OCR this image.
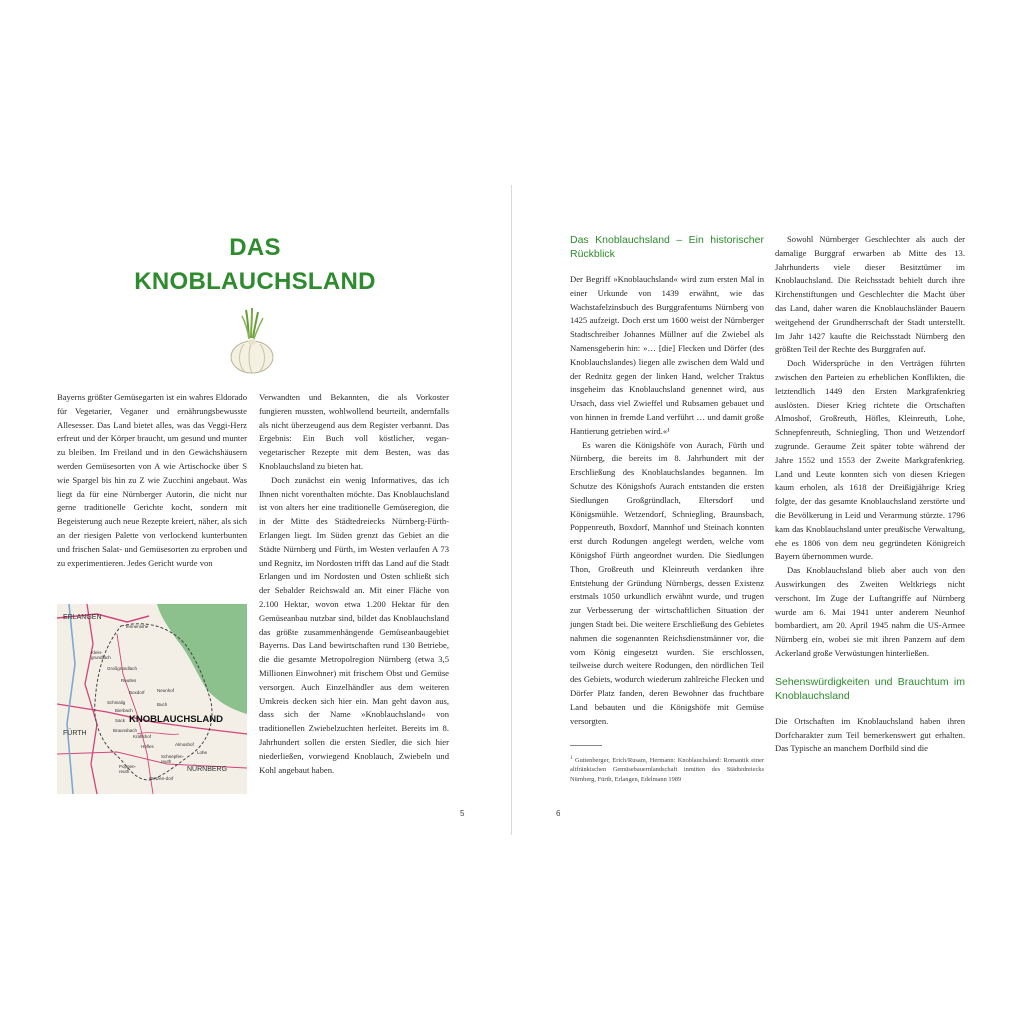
DAS
KNOBLAUCHSLAND

Bayerns größter Gemüsegarten ist ein wahres Eldorado für Vegetarier, Veganer und ernährungsbewusste Allesesser. Das Land bietet alles, was das Veggi-Herz erfreut und der Körper braucht, um gesund und munter zu bleiben. Im Freiland und in den Gewächshäusern werden Gemüsesorten von A wie Artischocke über S wie Spargel bis hin zu Z wie Zucchini angebaut. Was liegt da für eine Nürnberger Autorin, die nicht nur gerne traditionelle Gerichte kocht, sondern mit Begeisterung auch neue Rezepte kreiert, näher, als sich an der riesigen Palette von verlockend kunterbunten und frischen Salat- und Gemüsesorten zu erproben und zu experimentieren. Jedes Gericht wurde von

Verwandten und Bekannten, die als Vorkoster fungieren mussten, wohlwollend beurteilt, andernfalls als nicht überzeugend aus dem Register verbannt. Das Ergebnis: Ein Buch voll köstlicher, vegan-vegetarischer Rezepte mit dem Besten, was das Knoblauchsland zu bieten hat.

Doch zunächst ein wenig Informatives, das ich Ihnen nicht vorenthalten möchte. Das Knoblauchsland ist von alters her eine traditionelle Gemüseregion, die in der Mitte des Städtedreiecks Nürnberg-Fürth-Erlangen liegt. Im Süden grenzt das Gebiet an die Städte Nürnberg und Fürth, im Westen verlaufen A 73 und Regnitz, im Nordosten trifft das Land auf die Stadt Erlangen und im Nordosten und Osten schließt sich der Sebalder Reichswald an. Mit einer Fläche von 2.100 Hektar, wovon etwa 1.200 Hektar für den Gemüseanbau nutzbar sind, bildet das Knoblauchsland das größte zusammenhängende Gemüseanbaugebiet Bayerns. Das Land bewirtschaften rund 130 Betriebe, die die gesamte Metropolregion Nürnberg (etwa 3,5 Millionen Einwohner) mit frischem Obst und Gemüse versorgen. Auch Einzelhändler aus dem weiteren Umkreis decken sich hier ein. Man geht davon aus, dass sich der Name »Knoblauchsland« von traditionellen Zwiebelzuchten herleitet. Bereits im 8. Jahrhundert sollen die ersten Siedler, die sich hier niederließen, vorwiegend Knoblauch, Zwiebeln und Kohl angebaut haben.

ERLANGEN
FÜRTH
NÜRNBERG
KNOBLAUCHSLAND
Tennenlohe
Klein-grundlach
Großgründlach
Reutles
Boxdorf	Neunhof
Schnialig
Bierbach
Sack
Braunsbach
Buch
Kraftshof
Höfles	Almoshof
Lohe
Schnepfen-reuth
Poppen-reuth
Wetzen-dorf
5

Das Knoblauchsland – Ein historischer Rückblick

Der Begriff »Knoblauchsland« wird zum ersten Mal in einer Urkunde von 1439 erwähnt, wie das Wachstafelzinsbuch des Burggrafentums Nürnberg von 1425 aufzeigt. Doch erst um 1600 weist der Nürnberger Stadtschreiber Johannes Müllner auf die Zwiebel als Namensgeberin hin: »… [die] Flecken und Dörfer (des Knoblauchslandes) liegen alle zwischen dem Wald und der Rednitz gegen der linken Hand, welcher Traktus insgeheim das Knoblauchsland genennet wird, aus Ursach, dass viel Zwieffel und Rubsamen gebauet und von hinnen in fremde Land verführt … und damit große Hantierung getrieben wird.«¹

Es waren die Königshöfe von Aurach, Fürth und Nürnberg, die bereits im 8. Jahrhundert mit der Erschließung des Knoblauchslandes begannen. Im Schutze des Königshofs Aurach entstanden die ersten Siedlungen Großgründlach, Eltersdorf und Königsmühle. Wetzendorf, Schniegling, Braunsbach, Poppenreuth, Boxdorf, Mannhof und Steinach konnten erst durch Rodungen angelegt werden, welche vom Königshof Fürth angeordnet wurden. Die Siedlungen Thon, Großreuth und Kleinreuth verdanken ihre Entstehung der Gründung Nürnbergs, dessen Existenz erstmals 1050 urkundlich erwähnt wurde, und trugen zur Verbesserung der wirtschaftlichen Situation der jungen Stadt bei. Die weitere Erschließung des Gebietes nahmen die sogenannten Reichsdienstmänner vor, die vom König eingesetzt wurden. Sie erschlossen, teilweise durch weitere Rodungen, den nördlichen Teil des Gebiets, wodurch wiederum zahlreiche Flecken und Dörfer Platz fanden, deren Bewohner das fruchtbare Land bebauten und die Königshöfe mit Gemüse versorgten.

$^1$ Guttenberger, Erich/Rusam, Hermann: Knoblauchsland: Romantik einer altfränkischen Gemüsebauernlandschaft inmitten des Städtedreiecks Nürnberg, Fürth, Erlangen, Edelmann 1989

Sowohl Nürnberger Geschlechter als auch der damalige Burggraf erwarben ab Mitte des 13. Jahrhunderts viele dieser Besitztümer im Knoblauchsland. Die Reichsstadt behielt durch ihre Kirchenstiftungen und Geschlechter die Macht über das Land, daher waren die Knoblauchsländer Bauern weitgehend der Grundherrschaft der Stadt unterstellt. Im Jahr 1427 kaufte die Reichsstadt Nürnberg den größten Teil der Rechte des Burggrafen auf.

Doch Widersprüche in den Verträgen führten zwischen den Parteien zu erheblichen Konflikten, die letztendlich 1449 den Ersten Markgrafenkrieg auslösten. Dieser Krieg richtete die Ortschaften Almoshof, Großreuth, Höfles, Kleinreuth, Lohe, Schnepfenreuth, Schniegling, Thon und Wetzendorf zugrunde. Geraume Zeit später tobte während der Jahre 1552 und 1553 der Zweite Markgrafenkrieg. Land und Leute konnten sich von diesen Kriegen kaum erholen, als 1618 der Dreißigjährige Krieg folgte, der das gesamte Knoblauchsland zerstörte und die Bevölkerung in Leid und Verarmung stürzte. 1796 kam das Knoblauchsland unter preußische Verwaltung, ehe es 1806 von dem neu gegründeten Königreich Bayern übernommen wurde.

Das Knoblauchsland blieb aber auch von den Auswirkungen des Zweiten Weltkriegs nicht verschont. Im Zuge der Luftangriffe auf Nürnberg wurde am 6. Mai 1941 unter anderem Neunhof bombardiert, am 20. April 1945 nahm die US-Armee Nürnberg ein, wobei sie mit ihren Panzern auf dem Ackerland große Verwüstungen hinterließen.

Sehenswürdigkeiten und Brauchtum im Knoblauchsland

Die Ortschaften im Knoblauchsland haben ihren Dorfcharakter zum Teil bemerkenswert gut erhalten. Das Typische an manchem Dorfbild sind die

6
